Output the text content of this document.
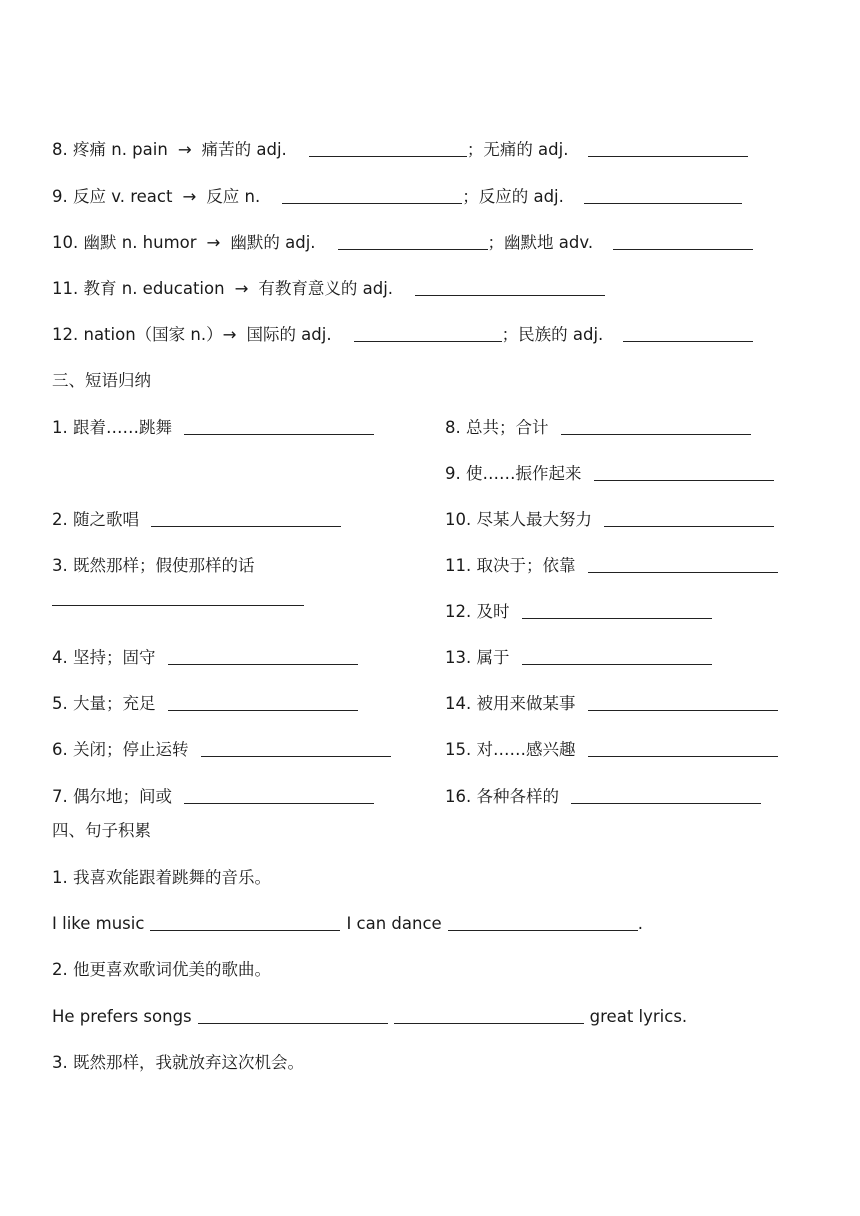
8. 疼痛 n. pain → 痛苦的 adj.	； 无痛的 adj.
9. 反应 v. react → 反应 n.	； 反应的 adj.
10. 幽默 n. humor → 幽默的 adj.	； 幽默地 adv.
11. 教育 n. education → 有教育意义的 adj.
12. nation（国家 n.） → 国际的 adj.	； 民族的 adj.
三、短语归纳
1. 跟着……跳舞
2. 随之歌唱
3. 既然那样；假使那样的话
4. 坚持；固守
5. 大量；充足
6. 关闭；停止运转
7. 偶尔地；间或
8. 总共；合计
9. 使……振作起来
10. 尽某人最大努力
11. 取决于；依靠
12. 及时
13. 属于
14. 被用来做某事
15. 对……感兴趣
16. 各种各样的
四、句子积累
1. 我喜欢能跟着跳舞的音乐。
I like music	I can dance	.
2. 他更喜欢歌词优美的歌曲。
He prefers songs	great lyrics.
3. 既然那样，我就放弃这次机会。
